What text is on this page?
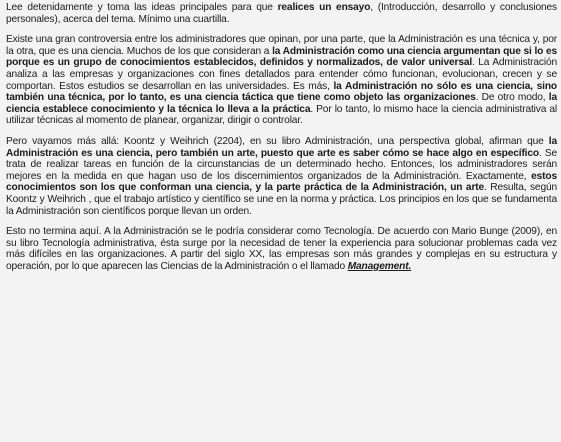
Lee detenidamente y toma las ideas principales para que realices un ensayo, (Introducción, desarrollo y conclusiones personales), acerca del tema. Mínimo una cuartilla.

Existe una gran controversia entre los administradores que opinan, por una parte, que la Administración es una técnica y, por la otra, que es una ciencia. Muchos de los que consideran a la Administración como una ciencia argumentan que si lo es porque es un grupo de conocimientos establecidos, definidos y normalizados, de valor universal. La Administración analiza a las empresas y organizaciones con fines detallados para entender cómo funcionan, evolucionan, crecen y se comportan. Estos estudios se desarrollan en las universidades. Es más, la Administración no sólo es una ciencia, sino también una técnica, por lo tanto, es una ciencia táctica que tiene como objeto las organizaciones. De otro modo, la ciencia establece conocimiento y la técnica lo lleva a la práctica. Por lo tanto, lo mismo hace la ciencia administrativa al utilizar técnicas al momento de planear, organizar, dirigir o controlar.

Pero vayamos más allá: Koontz y Weihrich (2204), en su libro Administración, una perspectiva global, afirman que la Administración es una ciencia, pero también un arte, puesto que arte es saber cómo se hace algo en específico. Se trata de realizar tareas en función de la circunstancias de un determinado hecho. Entonces, los administradores serán mejores en la medida en que hagan uso de los discernimientos organizados de la Administración. Exactamente, estos conocimientos son los que conforman una ciencia, y la parte práctica de la Administración, un arte. Resulta, según Koontz y Weihrich , que el trabajo artístico y científico se une en la norma y práctica. Los principios en los que se fundamenta la Administración son científicos porque llevan un orden.

Esto no termina aquí. A la Administración se le podría considerar como Tecnología. De acuerdo con Mario Bunge (2009), en su libro Tecnología administrativa, ésta surge por la necesidad de tener la experiencia para solucionar problemas cada vez más difíciles en las organizaciones. A partir del siglo XX, las empresas son más grandes y complejas en su estructura y operación, por lo que aparecen las Ciencias de la Administración o el llamado Management.
